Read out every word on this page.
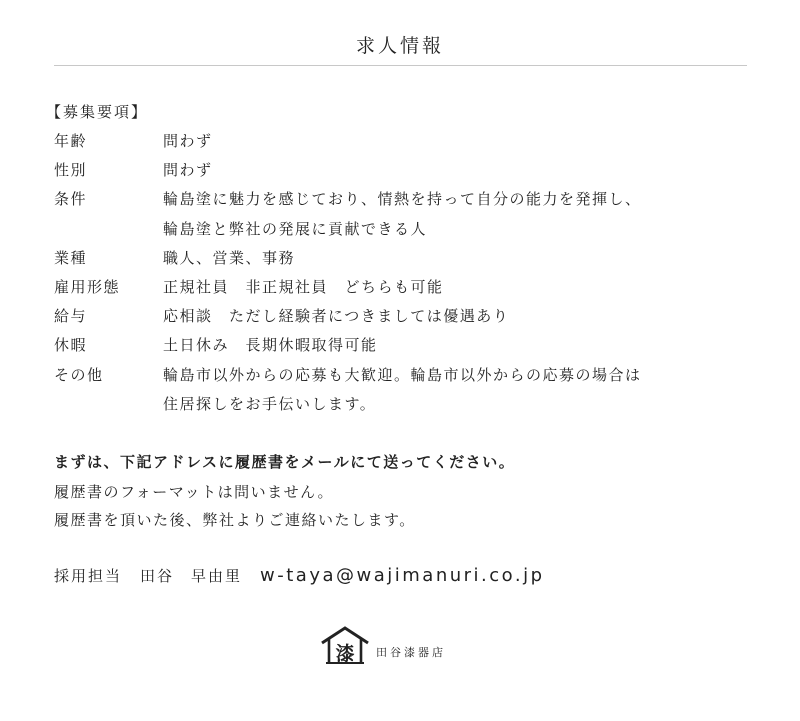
求人情報
【募集要項】
年齢	問わず
性別	問わず
条件	輪島塗に魅力を感じており、情熱を持って自分の能力を発揮し、
輪島塗と弊社の発展に貢献できる人
業種	職人、営業、事務
雇用形態	正規社員　非正規社員　どちらも可能
給与	応相談　ただし経験者につきましては優遇あり
休暇	土日休み　長期休暇取得可能
その他	輪島市以外からの応募も大歓迎。輪島市以外からの応募の場合は
住居探しをお手伝いします。
まずは、下記アドレスに履歴書をメールにて送ってください。
履歴書のフォーマットは問いません。
履歴書を頂いた後、弊社よりご連絡いたします。
採用担当 田谷　早由里 w-taya@wajimanuri.co.jp
漆 田谷漆器店
